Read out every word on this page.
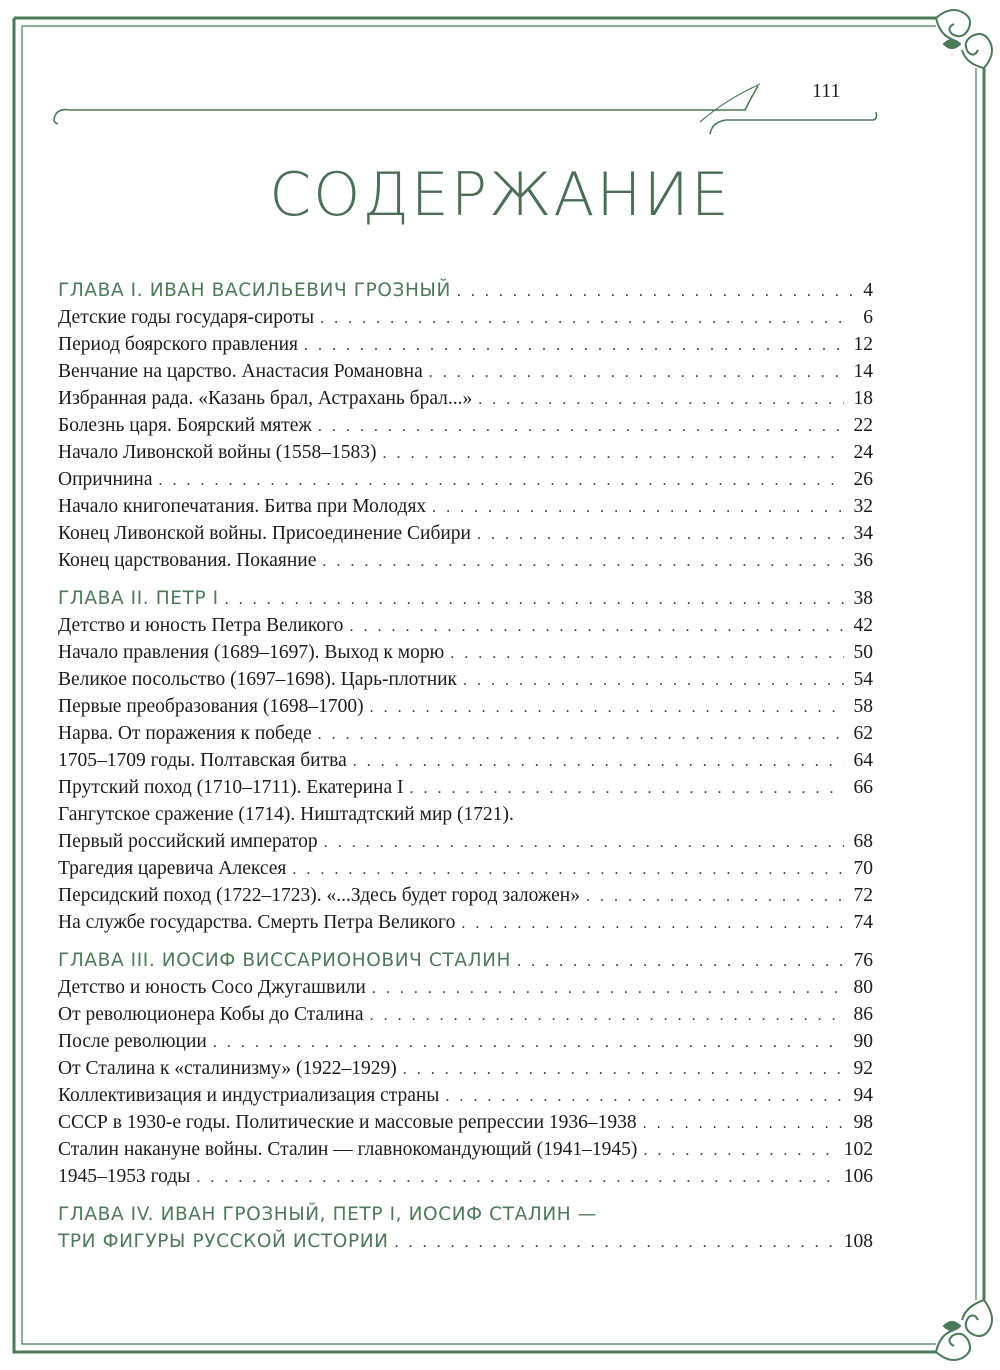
111
СОДЕРЖАНИЕ
ГЛАВА I. ИВАН ВАСИЛЬЕВИЧ ГРОЗНЫЙ . . .	4
Детские годы государя-сироты . . .	6
Период боярского правления . . .	12
Венчание на царство. Анастасия Романовна . . .	14
Избранная рада. «Казань брал, Астрахань брал...» . . .	18
Болезнь царя. Боярский мятеж . . .	22
Начало Ливонской войны (1558–1583) . . .	24
Опричнина . . .	26
Начало книгопечатания. Битва при Молодях . . .	32
Конец Ливонской войны. Присоединение Сибири . . .	34
Конец царствования. Покаяние . . .	36
ГЛАВА II. ПЕТР I . . .	38
Детство и юность Петра Великого . . .	42
Начало правления (1689–1697). Выход к морю . . .	50
Великое посольство (1697–1698). Царь-плотник . . .	54
Первые преобразования (1698–1700) . . .	58
Нарва. От поражения к победе . . .	62
1705–1709 годы. Полтавская битва . . .	64
Прутский поход (1710–1711). Екатерина I . . .	66
Гангутское сражение (1714). Ништадтский мир (1721).
Первый российский император . . .	68
Трагедия царевича Алексея . . .	70
Персидский поход (1722–1723). «...Здесь будет город заложен» . . .	72
На службе государства. Смерть Петра Великого . . .	74
ГЛАВА III. ИОСИФ ВИССАРИОНОВИЧ СТАЛИН . . .	76
Детство и юность Сосо Джугашвили . . .	80
От революционера Кобы до Сталина . . .	86
После революции . . .	90
От Сталина к «сталинизму» (1922–1929) . . .	92
Коллективизация и индустриализация страны . . .	94
СССР в 1930-е годы. Политические и массовые репрессии 1936–1938 . . .	98
Сталин накануне войны. Сталин — главнокомандующий (1941–1945) . . .	102
1945–1953 годы . . .	106
ГЛАВА IV. ИВАН ГРОЗНЫЙ, ПЕТР I, ИОСИФ СТАЛИН —
ТРИ ФИГУРЫ РУССКОЙ ИСТОРИИ . . .	108
